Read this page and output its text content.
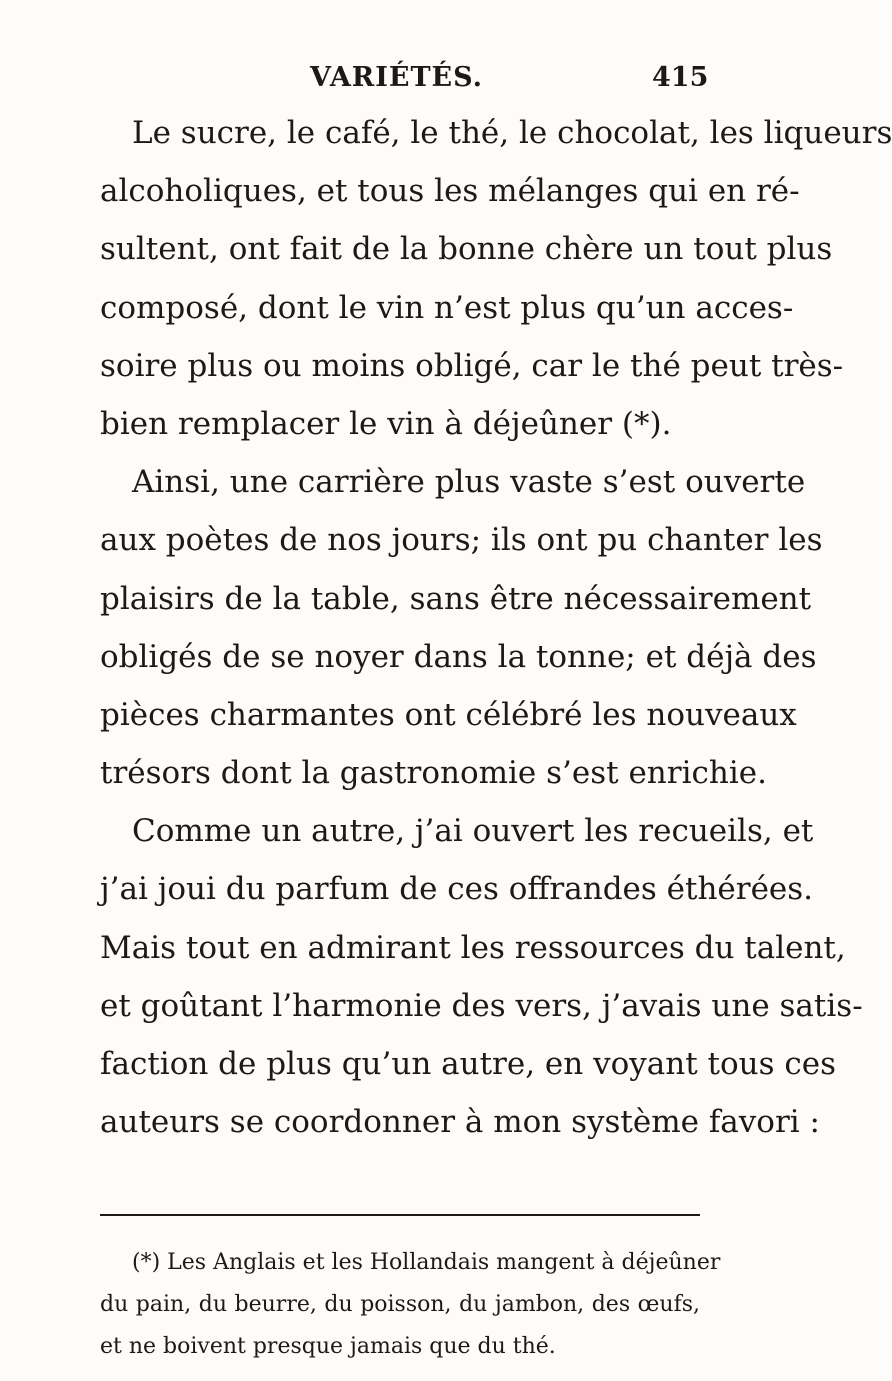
VARIÉTÉS.	415
Le sucre, le café, le thé, le chocolat, les liqueurs
alcoholiques, et tous les mélanges qui en ré-
sultent, ont fait de la bonne chère un tout plus
composé, dont le vin n’est plus qu’un acces-
soire plus ou moins obligé, car le thé peut très-
bien remplacer le vin à déjeûner (*).
Ainsi, une carrière plus vaste s’est ouverte
aux poètes de nos jours; ils ont pu chanter les
plaisirs de la table, sans être nécessairement
obligés de se noyer dans la tonne; et déjà des
pièces charmantes ont célébré les nouveaux
trésors dont la gastronomie s’est enrichie.
Comme un autre, j’ai ouvert les recueils, et
j’ai joui du parfum de ces offrandes éthérées.
Mais tout en admirant les ressources du talent,
et goûtant l’harmonie des vers, j’avais une satis-
faction de plus qu’un autre, en voyant tous ces
auteurs se coordonner à mon système favori :
(*) Les Anglais et les Hollandais mangent à déjeûner
du pain, du beurre, du poisson, du jambon, des œufs,
et ne boivent presque jamais que du thé.
